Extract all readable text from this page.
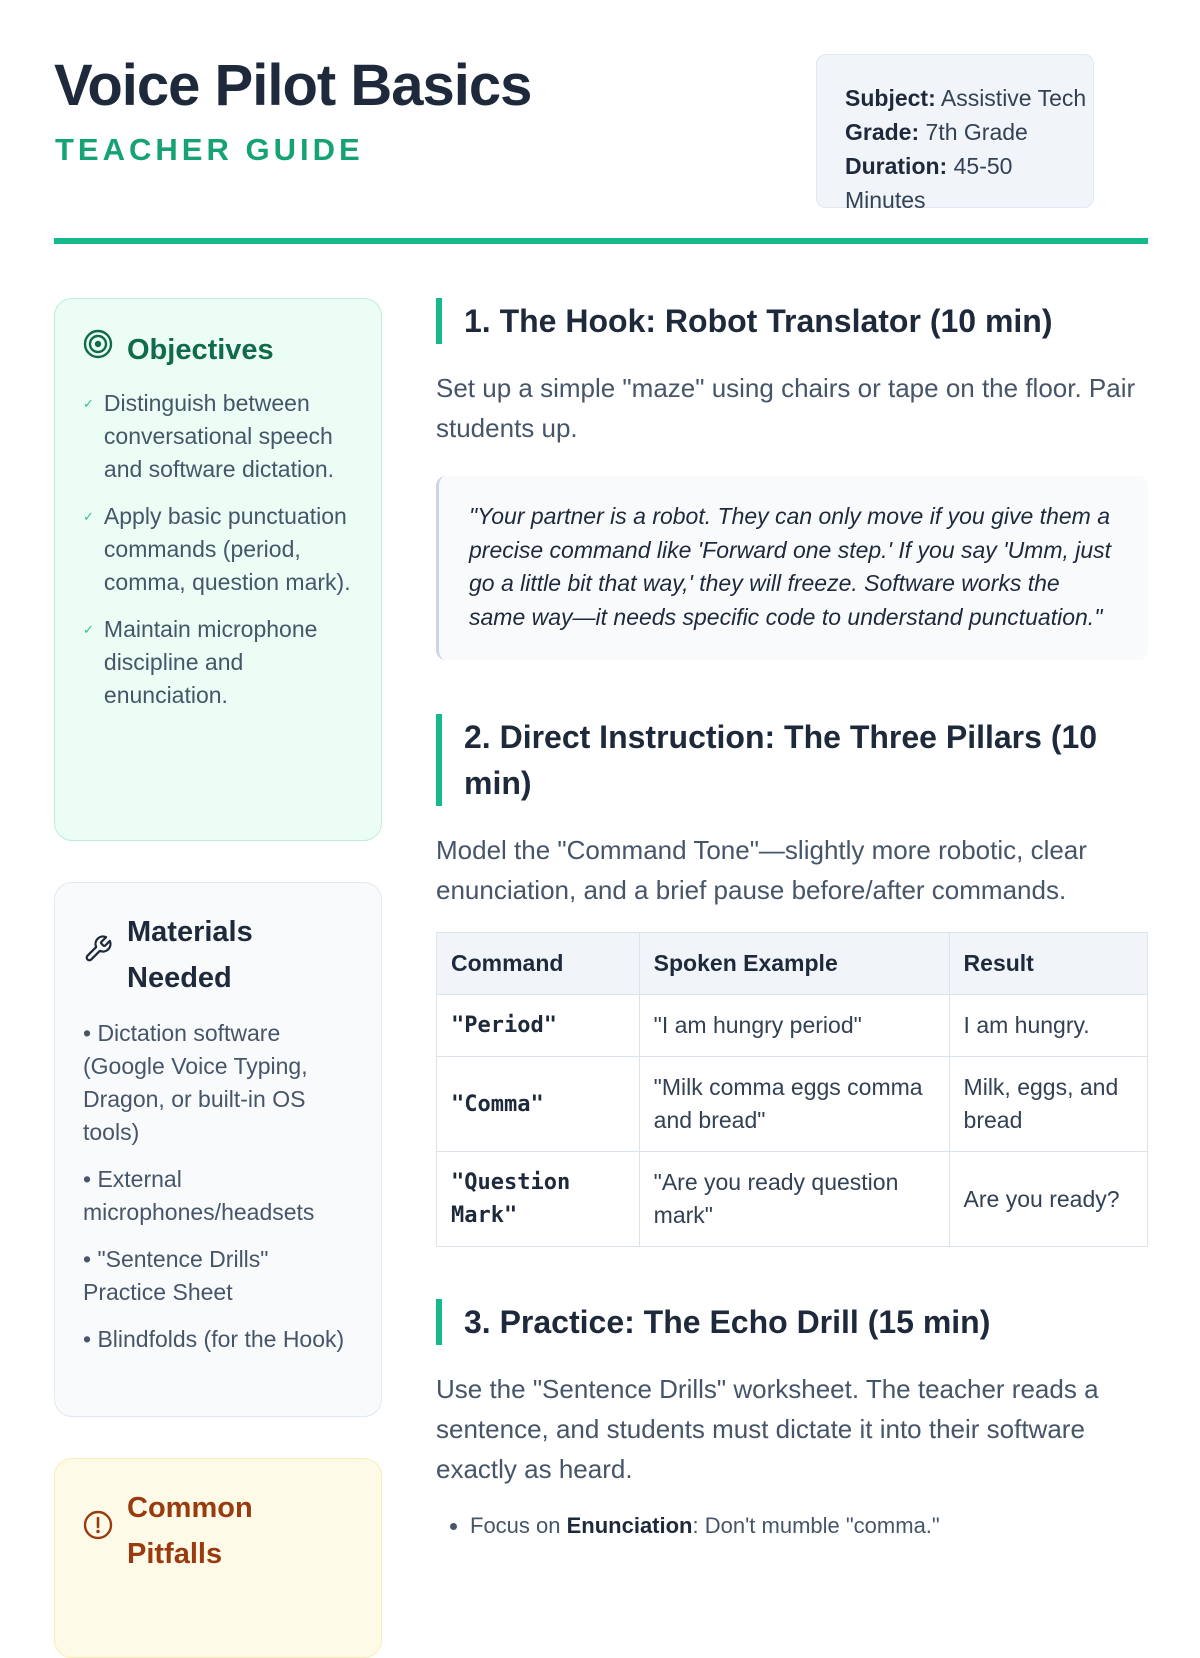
Voice Pilot Basics
TEACHER GUIDE
Subject: Assistive Tech
Grade: 7th Grade
Duration: 45-50 Minutes
Objectives
✓ Distinguish between conversational speech and software dictation.
✓ Apply basic punctuation commands (period, comma, question mark).
✓ Maintain microphone discipline and enunciation.
Materials Needed
• Dictation software (Google Voice Typing, Dragon, or built-in OS tools)
• External microphones/headsets
• "Sentence Drills" Practice Sheet
• Blindfolds (for the Hook)
Common Pitfalls
1. The Hook: Robot Translator (10 min)

Set up a simple "maze" using chairs or tape on the floor. Pair students up.

"Your partner is a robot. They can only move if you give them a precise command like 'Forward one step.' If you say 'Umm, just go a little bit that way,' they will freeze. Software works the same way—it needs specific code to understand punctuation."
2. Direct Instruction: The Three Pillars (10 min)

Model the "Command Tone"—slightly more robotic, clear enunciation, and a brief pause before/after commands.

Command	Spoken Example	Result
"Period"	"I am hungry period"	I am hungry.
"Comma"	"Milk comma eggs comma and bread"	Milk, eggs, and bread
"Question Mark"	"Are you ready question mark"	Are you ready?
3. Practice: The Echo Drill (15 min)

Use the "Sentence Drills" worksheet. The teacher reads a sentence, and students must dictate it into their software exactly as heard.

• Focus on Enunciation: Don't mumble "comma."
